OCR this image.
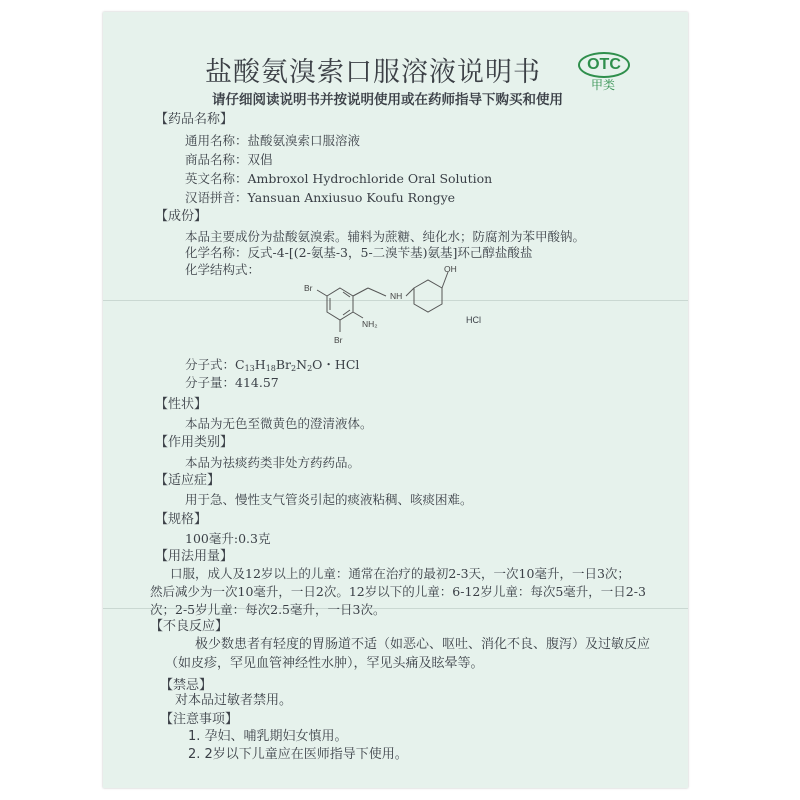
盐酸氨溴索口服溶液说明书	OTC
甲类
请仔细阅读说明书并按说明使用或在药师指导下购买和使用
【药品名称】
通用名称：盐酸氨溴索口服溶液
商品名称：双倡
英文名称：Ambroxol Hydrochloride Oral Solution
汉语拼音：Yansuan Anxiusuo Koufu Rongye
【成份】
本品主要成份为盐酸氨溴索。辅料为蔗糖、纯化水；防腐剂为苯甲酸钠。
化学名称：反式-4-[(2-氨基-3，5-二溴苄基)氨基]环己醇盐酸盐
化学结构式：
Br
Br
NH₂
NH
OH
HCl
分子式：$C_{13}H_{18}Br_2N_2O$・HCl
分子量：414.57
【性状】
本品为无色至微黄色的澄清液体。
【作用类别】
本品为祛痰药类非处方药药品。
【适应症】
用于急、慢性支气管炎引起的痰液粘稠、咳痰困难。
【规格】
100毫升:0.3克
【用法用量】
口服，成人及12岁以上的儿童：通常在治疗的最初2-3天，一次10毫升，一日3次；
然后减少为一次10毫升，一日2次。12岁以下的儿童：6-12岁儿童：每次5毫升，一日2-3
次；2-5岁儿童：每次2.5毫升，一日3次。
【不良反应】
极少数患者有轻度的胃肠道不适（如恶心、呕吐、消化不良、腹泻）及过敏反应
（如皮疹，罕见血管神经性水肿），罕见头痛及眩晕等。
【禁忌】
对本品过敏者禁用。
【注意事项】
1. 孕妇、哺乳期妇女慎用。
2. 2岁以下儿童应在医师指导下使用。
